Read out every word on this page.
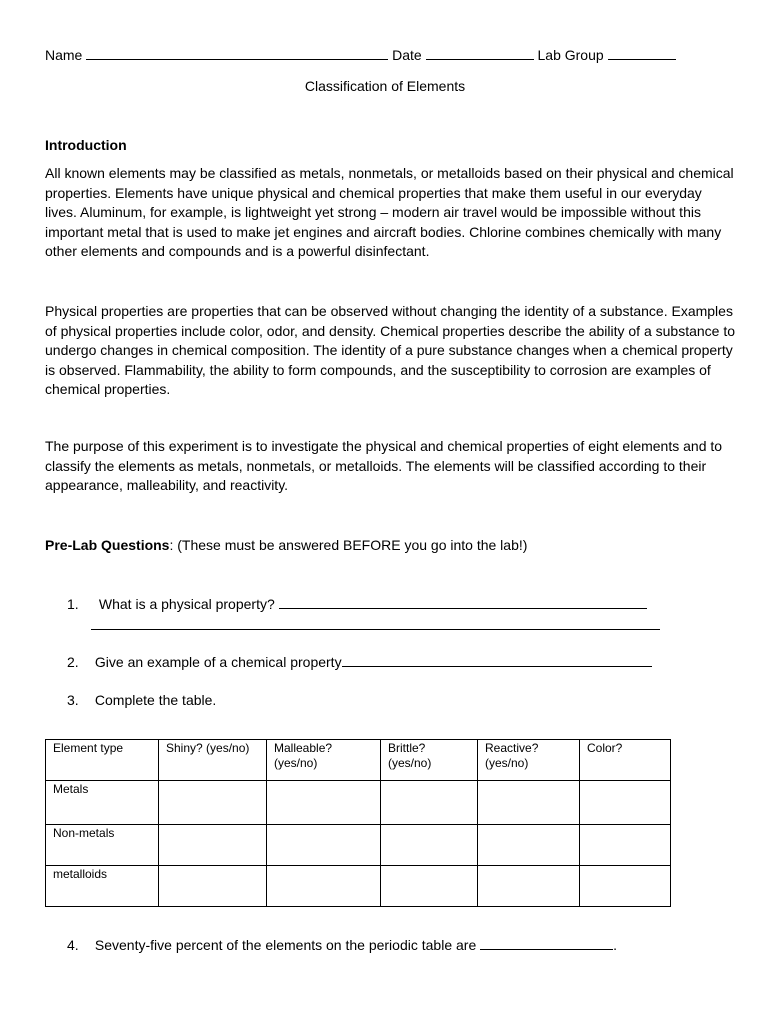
Name	Date	Lab Group
Classification of Elements
Introduction

All known elements may be classified as metals, nonmetals, or metalloids based on their physical and chemical properties. Elements have unique physical and chemical properties that make them useful in our everyday lives. Aluminum, for example, is lightweight yet strong – modern air travel would be impossible without this important metal that is used to make jet engines and aircraft bodies. Chlorine combines chemically with many other elements and compounds and is a powerful disinfectant.

Physical properties are properties that can be observed without changing the identity of a substance. Examples of physical properties include color, odor, and density. Chemical properties describe the ability of a substance to undergo changes in chemical composition. The identity of a pure substance changes when a chemical property is observed. Flammability, the ability to form compounds, and the susceptibility to corrosion are examples of chemical properties.

The purpose of this experiment is to investigate the physical and chemical properties of eight elements and to classify the elements as metals, nonmetals, or metalloids. The elements will be classified according to their appearance, malleability, and reactivity.

Pre-Lab Questions: (These must be answered BEFORE you go into the lab!)
1. What is a physical property?
2. Give an example of a chemical property
3. Complete the table.
Element type	Shiny? (yes/no)	Malleable? (yes/no)	Brittle? (yes/no)	Reactive? (yes/no)	Color?
Metals					
Non-metals					
metalloids					
4. Seventy-five percent of the elements on the periodic table are	.
